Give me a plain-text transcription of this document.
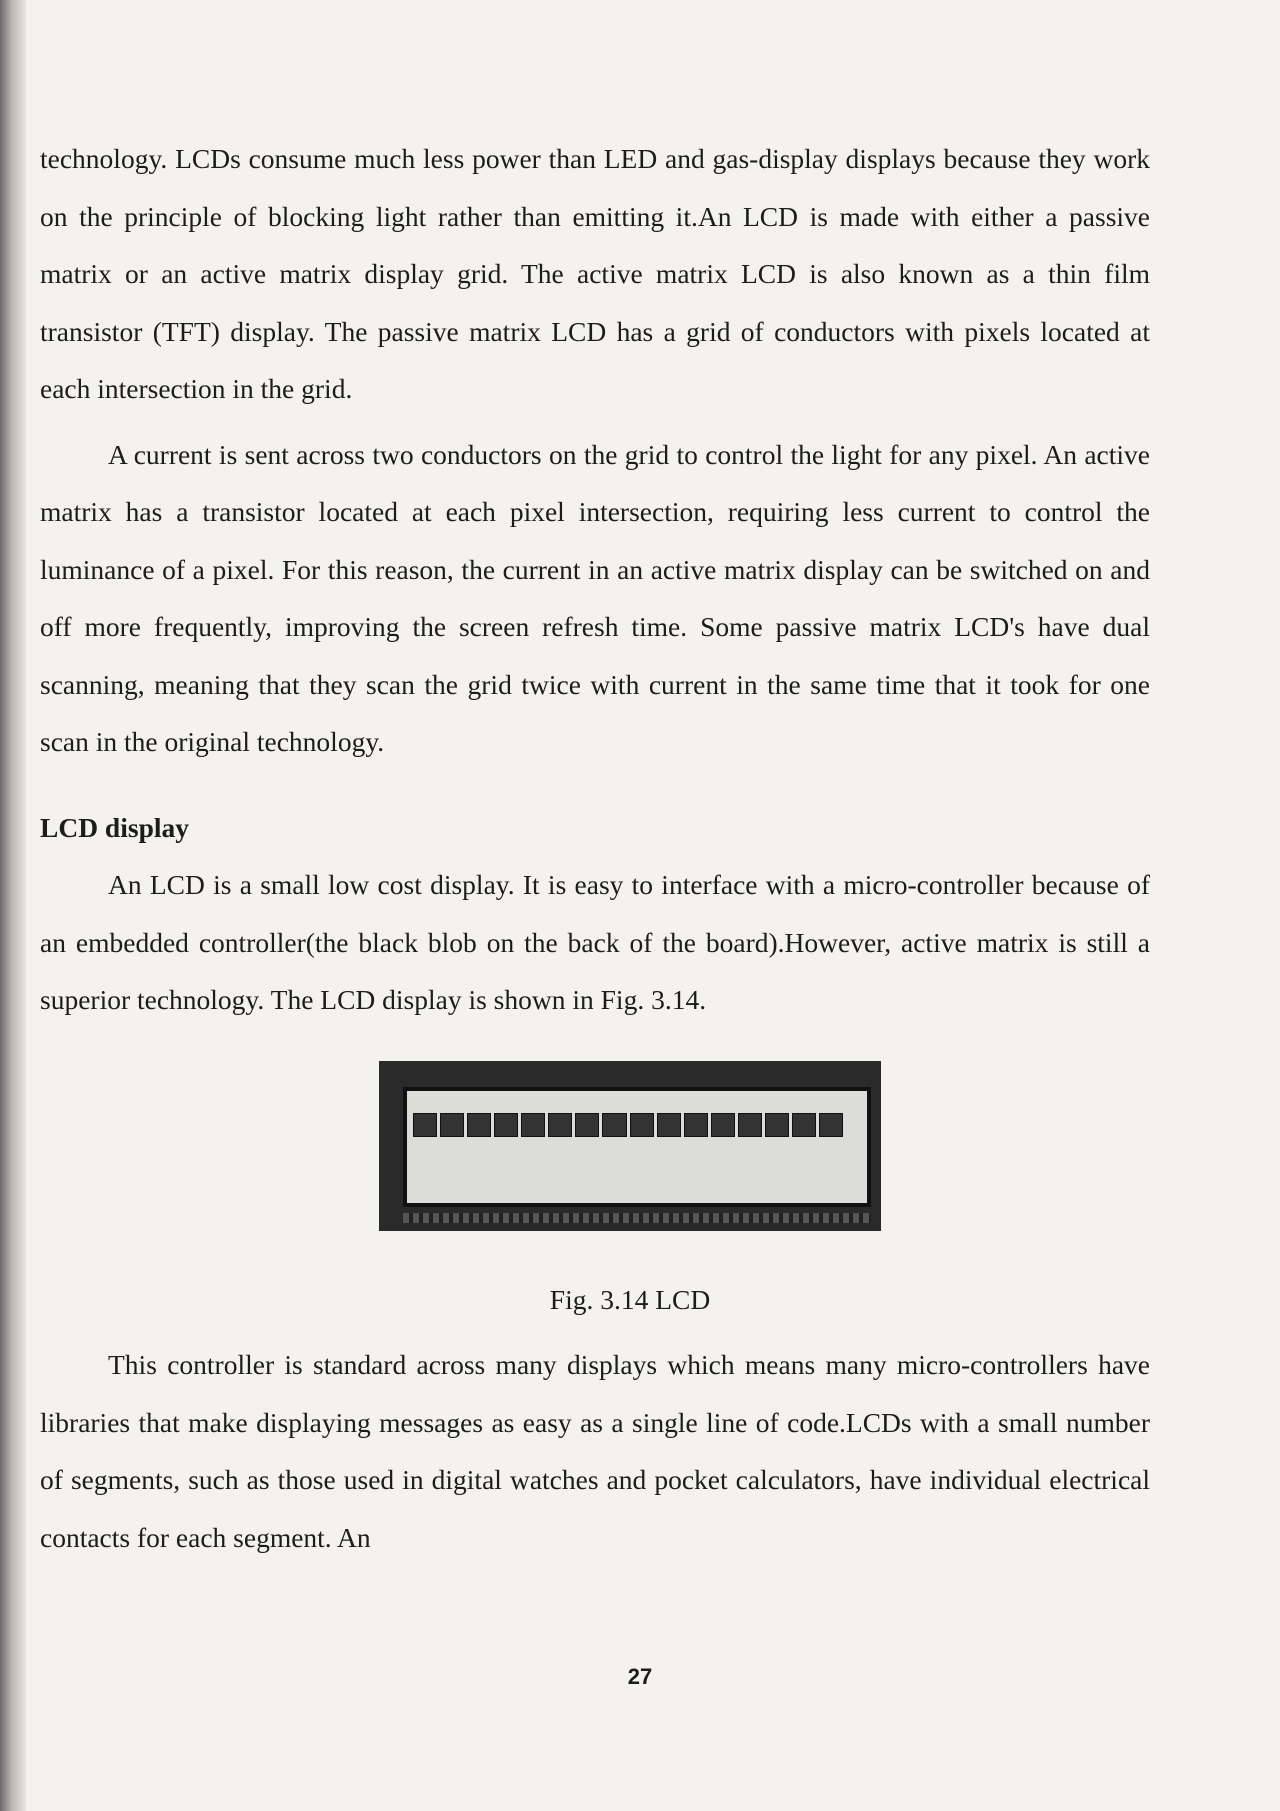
technology. LCDs consume much less power than LED and gas-display displays because they work on the principle of blocking light rather than emitting it.An LCD is made with either a passive matrix or an active matrix display grid. The active matrix LCD is also known as a thin film transistor (TFT) display. The passive matrix LCD has a grid of conductors with pixels located at each intersection in the grid.

A current is sent across two conductors on the grid to control the light for any pixel. An active matrix has a transistor located at each pixel intersection, requiring less current to control the luminance of a pixel. For this reason, the current in an active matrix display can be switched on and off more frequently, improving the screen refresh time. Some passive matrix LCD's have dual scanning, meaning that they scan the grid twice with current in the same time that it took for one scan in the original technology.

LCD display

An LCD is a small low cost display. It is easy to interface with a micro-controller because of an embedded controller(the black blob on the back of the board).However, active matrix is still a superior technology. The LCD display is shown in Fig. 3.14.

Fig. 3.14 LCD

This controller is standard across many displays which means many micro-controllers have libraries that make displaying messages as easy as a single line of code.LCDs with a small number of segments, such as those used in digital watches and pocket calculators, have individual electrical contacts for each segment. An

27
